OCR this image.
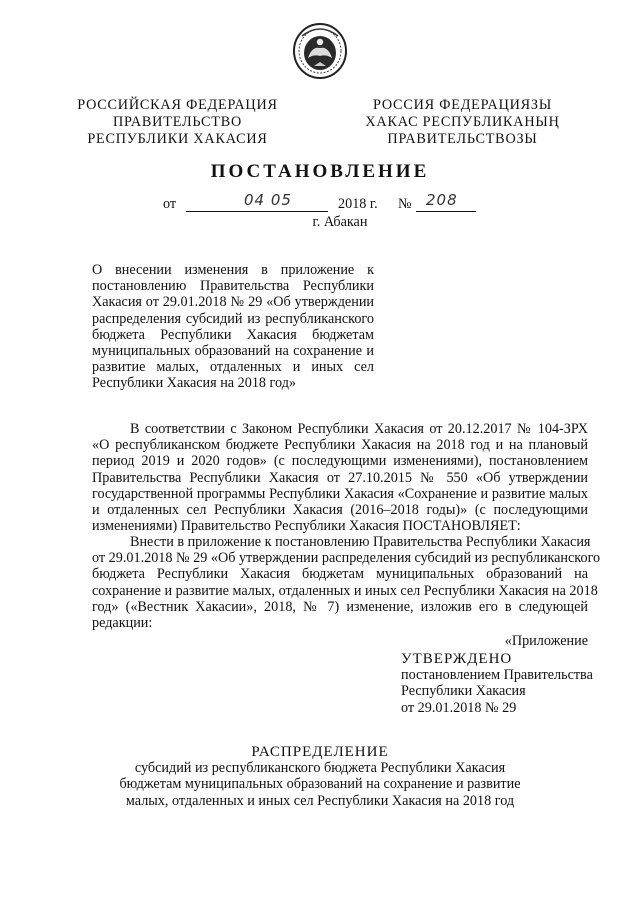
РОССИЙСКАЯ ФЕДЕРАЦИЯ
ПРАВИТЕЛЬСТВО
РЕСПУБЛИКИ ХАКАСИЯ
РОССИЯ ФЕДЕРАЦИЯЗЫ
ХАКАС РЕСПУБЛИКАНЫҢ
ПРАВИТЕЛЬСТВОЗЫ
ПОСТАНОВЛЕНИЕ
от	04 05	2018 г. № 208
г. Абакан
О внесении изменения в приложение к
постановлению Правительства Республики
Хакасия от 29.01.2018 № 29 «Об утверждении
распределения субсидий из республиканского
бюджета Республики Хакасия бюджетам
муниципальных образований на сохранение и
развитие малых, отдаленных и иных сел
Республики Хакасия на 2018 год»
В соответствии с Законом Республики Хакасия от 20.12.2017 № 104-ЗРХ
«О республиканском бюджете Республики Хакасия на 2018 год и на плановый
период 2019 и 2020 годов» (с последующими изменениями), постановлением
Правительства Республики Хакасия от 27.10.2015 № 550 «Об утверждении
государственной программы Республики Хакасия «Сохранение и развитие малых
и отдаленных сел Республики Хакасия (2016–2018 годы)» (с последующими
изменениями) Правительство Республики Хакасия ПОСТАНОВЛЯЕТ:
Внести в приложение к постановлению Правительства Республики Хакасия
от 29.01.2018 № 29 «Об утверждении распределения субсидий из республиканского
бюджета Республики Хакасия бюджетам муниципальных образований на
сохранение и развитие малых, отдаленных и иных сел Республики Хакасия на 2018
год» («Вестник Хакасии», 2018, № 7) изменение, изложив его в следующей
редакции:
«Приложение
УТВЕРЖДЕНО
постановлением Правительства
Республики Хакасия
от 29.01.2018 № 29
РАСПРЕДЕЛЕНИЕ
субсидий из республиканского бюджета Республики Хакасия
бюджетам муниципальных образований на сохранение и развитие
малых, отдаленных и иных сел Республики Хакасия на 2018 год
